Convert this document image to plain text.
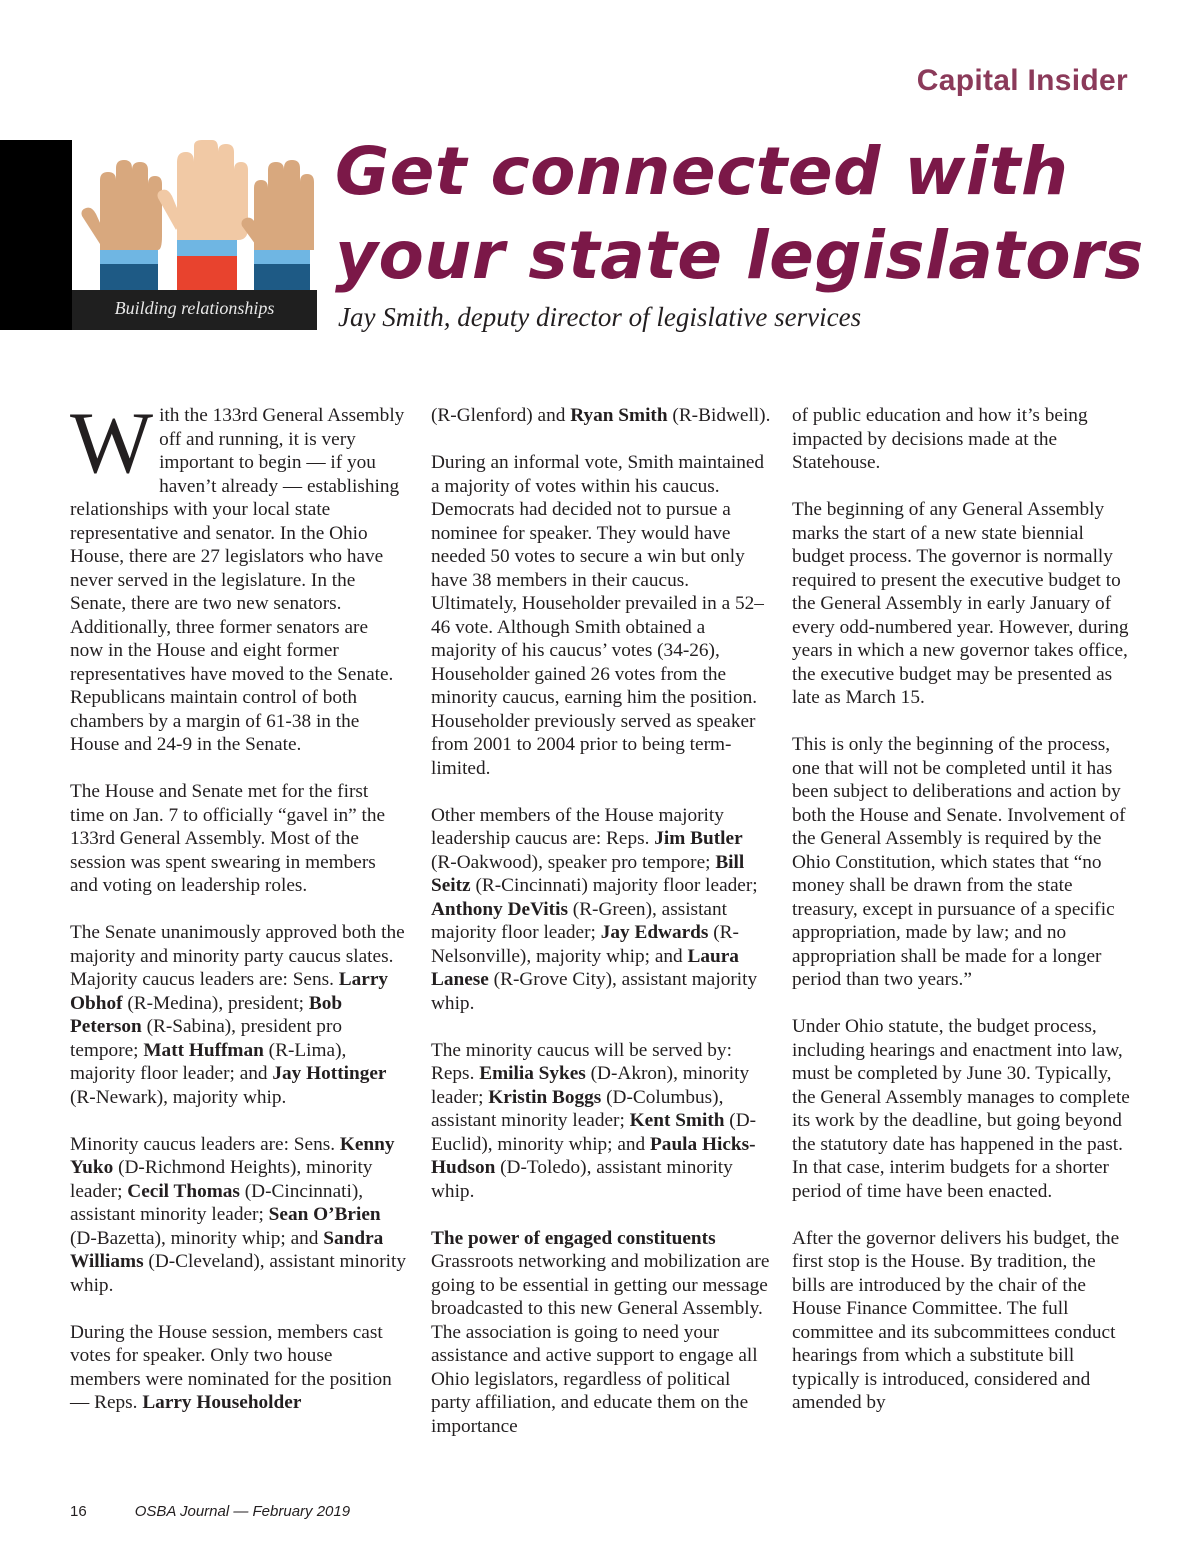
Capital Insider
Building relationships
Get connected with
your state legislators

Jay Smith, deputy director of legislative services

With the 133rd General Assembly off and running, it is very important to begin — if you haven’t already — establishing relationships with your local state representative and senator. In the Ohio House, there are 27 legislators who have never served in the legislature. In the Senate, there are two new senators. Additionally, three former senators are now in the House and eight former representatives have moved to the Senate. Republicans maintain control of both chambers by a margin of 61-38 in the House and 24-9 in the Senate.

The House and Senate met for the first time on Jan. 7 to officially “gavel in” the 133rd General Assembly. Most of the session was spent swearing in members and voting on leadership roles.

The Senate unanimously approved both the majority and minority party caucus slates. Majority caucus leaders are: Sens. Larry Obhof (R-Medina), president; Bob Peterson (R-Sabina), president pro tempore; Matt Huffman (R-Lima), majority floor leader; and Jay Hottinger (R-Newark), majority whip.

Minority caucus leaders are: Sens. Kenny Yuko (D-Richmond Heights), minority leader; Cecil Thomas (D-Cincinnati), assistant minority leader; Sean O’Brien (D-Bazetta), minority whip; and Sandra Williams (D-Cleveland), assistant minority whip.

During the House session, members cast votes for speaker. Only two house members were nominated for the position — Reps. Larry Householder

(R-Glenford) and Ryan Smith (R-Bidwell).

During an informal vote, Smith maintained a majority of votes within his caucus. Democrats had decided not to pursue a nominee for speaker. They would have needed 50 votes to secure a win but only have 38 members in their caucus. Ultimately, Householder prevailed in a 52–46 vote. Although Smith obtained a majority of his caucus’ votes (34-26), Householder gained 26 votes from the minority caucus, earning him the position. Householder previously served as speaker from 2001 to 2004 prior to being term-limited.

Other members of the House majority leadership caucus are: Reps. Jim Butler (R-Oakwood), speaker pro tempore; Bill Seitz (R-Cincinnati) majority floor leader; Anthony DeVitis (R-Green), assistant majority floor leader; Jay Edwards (R-Nelsonville), majority whip; and Laura Lanese (R-Grove City), assistant majority whip.

The minority caucus will be served by: Reps. Emilia Sykes (D-Akron), minority leader; Kristin Boggs (D-Columbus), assistant minority leader; Kent Smith (D-Euclid), minority whip; and Paula Hicks-Hudson (D-Toledo), assistant minority whip.

The power of engaged constituents
Grassroots networking and mobilization are going to be essential in getting our message broadcasted to this new General Assembly. The association is going to need your assistance and active support to engage all Ohio legislators, regardless of political party affiliation, and educate them on the importance

of public education and how it’s being impacted by decisions made at the Statehouse.

The beginning of any General Assembly marks the start of a new state biennial budget process. The governor is normally required to present the executive budget to the General Assembly in early January of every odd-numbered year. However, during years in which a new governor takes office, the executive budget may be presented as late as March 15.

This is only the beginning of the process, one that will not be completed until it has been subject to deliberations and action by both the House and Senate. Involvement of the General Assembly is required by the Ohio Constitution, which states that “no money shall be drawn from the state treasury, except in pursuance of a specific appropriation, made by law; and no appropriation shall be made for a longer period than two years.”

Under Ohio statute, the budget process, including hearings and enactment into law, must be completed by June 30. Typically, the General Assembly manages to complete its work by the deadline, but going beyond the statutory date has happened in the past. In that case, interim budgets for a shorter period of time have been enacted.

After the governor delivers his budget, the first stop is the House. By tradition, the bills are introduced by the chair of the House Finance Committee. The full committee and its subcommittees conduct hearings from which a substitute bill typically is introduced, considered and amended by

16	OSBA Journal — February 2019
